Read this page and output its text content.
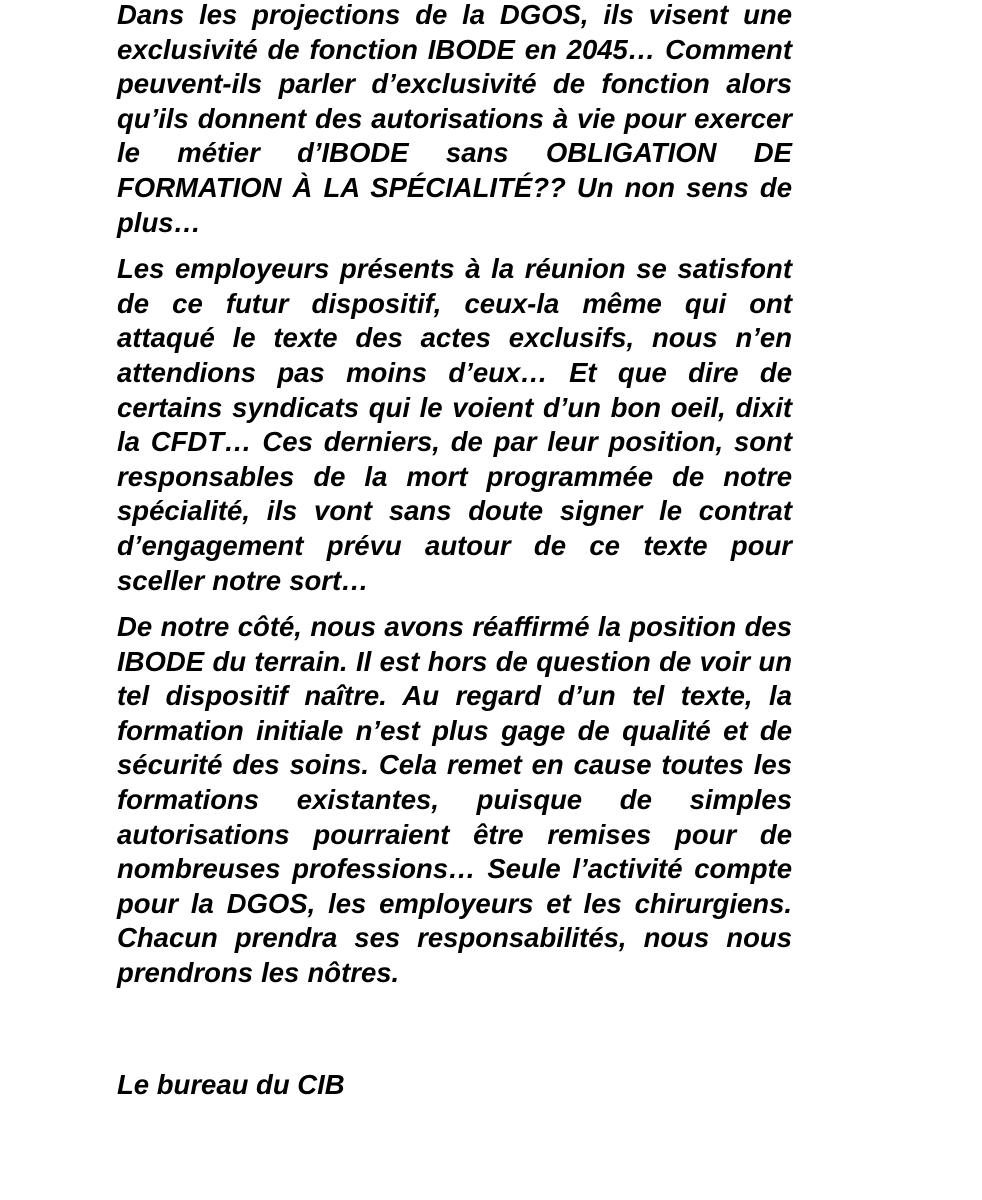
Dans les projections de la DGOS, ils visent une exclusivité de fonction IBODE en 2045… Comment peuvent-ils parler d’exclusivité de fonction alors qu’ils donnent des autorisations à vie pour exercer le métier d’IBODE sans OBLIGATION DE FORMATION À LA SPÉCIALITÉ?? Un non sens de plus…

Les employeurs présents à la réunion se satisfont de ce futur dispositif, ceux-la même qui ont attaqué le texte des actes exclusifs, nous n’en attendions pas moins d’eux… Et que dire de certains syndicats qui le voient d’un bon oeil, dixit la CFDT… Ces derniers, de par leur position, sont responsables de la mort programmée de notre spécialité, ils vont sans doute signer le contrat d’engagement prévu autour de ce texte pour sceller notre sort…

De notre côté, nous avons réaffirmé la position des IBODE du terrain. Il est hors de question de voir un tel dispositif naître. Au regard d’un tel texte, la formation initiale n’est plus gage de qualité et de sécurité des soins. Cela remet en cause toutes les formations existantes, puisque de simples autorisations pourraient être remises pour de nombreuses professions… Seule l’activité compte pour la DGOS, les employeurs et les chirurgiens. Chacun prendra ses responsabilités, nous nous prendrons les nôtres.

Le bureau du CIB
